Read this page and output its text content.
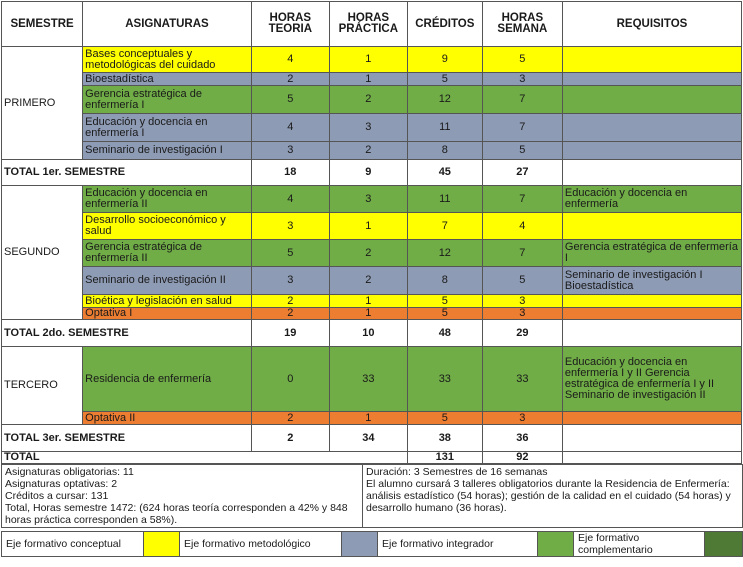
SEMESTRE	ASIGNATURAS	HORAS TEORIA	HORAS PRÁCTICA	CRÉDITOS	HORAS SEMANA	REQUISITOS
PRIMERO	Bases conceptuales y metodológicas del cuidado	4	1	9	5	
	Bioestadística	2	1	5	3	
	Gerencia estratégica de enfermería I	5	2	12	7	
	Educación y docencia en enfermería I	4	3	11	7	
	Seminario de investigación I	3	2	8	5	
TOTAL 1er. SEMESTRE		18	9	45	27	
SEGUNDO	Educación y docencia en enfermería II	4	3	11	7	Educación y docencia en enfermería
	Desarrollo socioeconómico y salud	3	1	7	4	
	Gerencia estratégica de enfermería II	5	2	12	7	Gerencia estratégica de enfermería I
	Seminario de investigación II	3	2	8	5	Seminario de investigación I Bioestadística
	Bioética y legislación en salud	2	1	5	3	
	Optativa I	2	1	5	3	
TOTAL 2do. SEMESTRE		19	10	48	29	
TERCERO	Residencia de enfermería	0	33	33	33	Educación y docencia en enfermería I y II Gerencia estratégica de enfermería I y II Seminario de investigación II
	Optativa II	2	1	5	3	
TOTAL 3er. SEMESTRE		2	34	38	36	
TOTAL				131	92	
Asignaturas obligatorias: 11
Asignaturas optativas: 2
Créditos a cursar: 131
Total, Horas semestre 1472: (624 horas teoría corresponden a 42% y 848 horas práctica corresponden a 58%).

Duración: 3 Semestres de 16 semanas
El alumno cursará 3 talleres obligatorios durante la Residencia de Enfermería: análisis estadístico (54 horas); gestión de la calidad en el cuidado (54 horas) y desarrollo humano (36 horas).
Eje formativo conceptual		Eje formativo metodológico		Eje formativo integrador		Eje formativo complementario	
